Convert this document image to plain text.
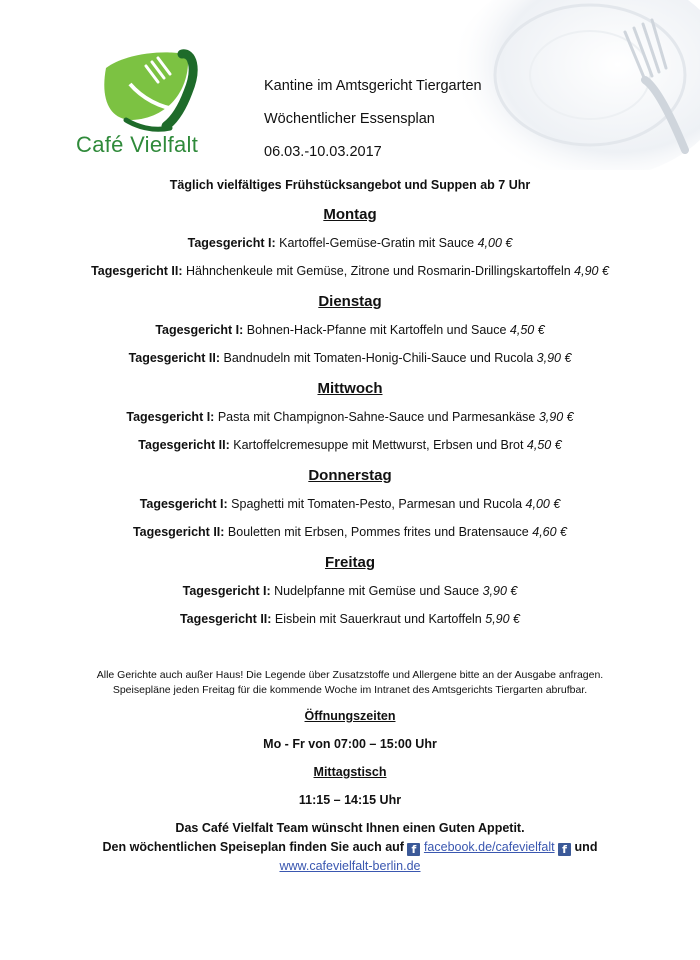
Café Vielfalt
Kantine im Amtsgericht Tiergarten
Wöchentlicher Essensplan
06.03.-10.03.2017
Täglich vielfältiges Frühstücksangebot und Suppen ab 7 Uhr
Montag
Tagesgericht I: Kartoffel-Gemüse-Gratin mit Sauce 4,00 €
Tagesgericht II: Hähnchenkeule mit Gemüse, Zitrone und Rosmarin-Drillingskartoffeln 4,90 €
Dienstag
Tagesgericht I: Bohnen-Hack-Pfanne mit Kartoffeln und Sauce 4,50 €
Tagesgericht II: Bandnudeln mit Tomaten-Honig-Chili-Sauce und Rucola 3,90 €
Mittwoch
Tagesgericht I: Pasta mit Champignon-Sahne-Sauce und Parmesankäse 3,90 €
Tagesgericht II: Kartoffelcremesuppe mit Mettwurst, Erbsen und Brot 4,50 €
Donnerstag
Tagesgericht I: Spaghetti mit Tomaten-Pesto, Parmesan und Rucola 4,00 €
Tagesgericht II: Bouletten mit Erbsen, Pommes frites und Bratensauce 4,60 €
Freitag
Tagesgericht I: Nudelpfanne mit Gemüse und Sauce 3,90 €
Tagesgericht II: Eisbein mit Sauerkraut und Kartoffeln 5,90 €
Alle Gerichte auch außer Haus! Die Legende über Zusatzstoffe und Allergene bitte an der Ausgabe anfragen.
Speisepläne jeden Freitag für die kommende Woche im Intranet des Amtsgerichts Tiergarten abrufbar.
Öffnungszeiten
Mo - Fr von 07:00 – 15:00 Uhr
Mittagstisch
11:15 – 14:15 Uhr
Das Café Vielfalt Team wünscht Ihnen einen Guten Appetit.
Den wöchentlichen Speiseplan finden Sie auch auf f facebook.de/cafevielfalt f und
www.cafevielfalt-berlin.de
